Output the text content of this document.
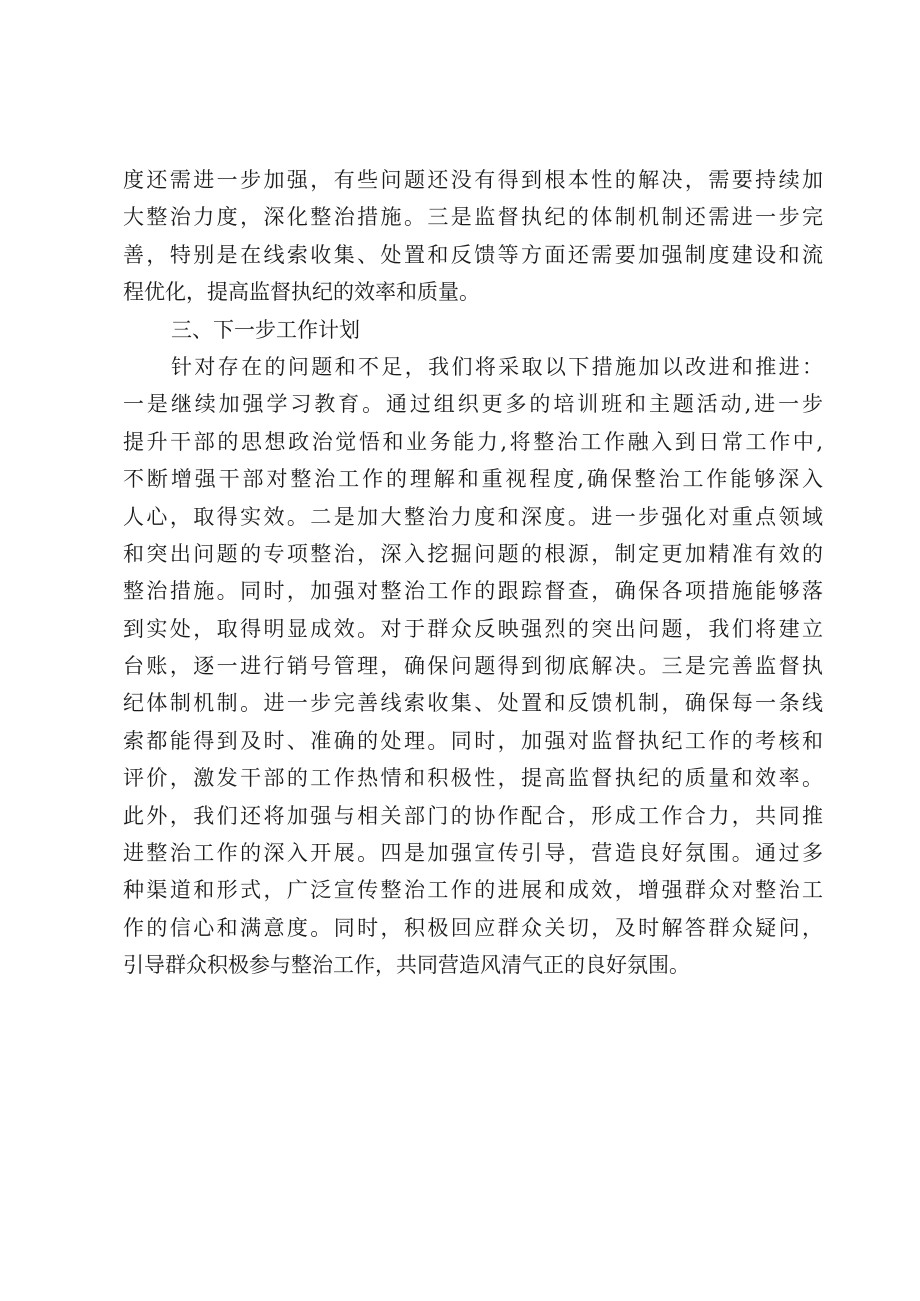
度还需进一步加强，有些问题还没有得到根本性的解决，需要持续加
大整治力度，深化整治措施。三是监督执纪的体制机制还需进一步完
善，特别是在线索收集、处置和反馈等方面还需要加强制度建设和流
程优化，提高监督执纪的效率和质量。
三、下一步工作计划
针对存在的问题和不足，我们将采取以下措施加以改进和推进：
一是继续加强学习教育。通过组织更多的培训班和主题活动,进一步
提升干部的思想政治觉悟和业务能力,将整治工作融入到日常工作中,
不断增强干部对整治工作的理解和重视程度,确保整治工作能够深入
人心，取得实效。二是加大整治力度和深度。进一步强化对重点领域
和突出问题的专项整治，深入挖掘问题的根源，制定更加精准有效的
整治措施。同时，加强对整治工作的跟踪督查，确保各项措施能够落
到实处，取得明显成效。对于群众反映强烈的突出问题，我们将建立
台账，逐一进行销号管理，确保问题得到彻底解决。三是完善监督执
纪体制机制。进一步完善线索收集、处置和反馈机制，确保每一条线
索都能得到及时、准确的处理。同时，加强对监督执纪工作的考核和
评价，激发干部的工作热情和积极性，提高监督执纪的质量和效率。
此外，我们还将加强与相关部门的协作配合，形成工作合力，共同推
进整治工作的深入开展。四是加强宣传引导，营造良好氛围。通过多
种渠道和形式，广泛宣传整治工作的进展和成效，增强群众对整治工
作的信心和满意度。同时，积极回应群众关切，及时解答群众疑问，
引导群众积极参与整治工作，共同营造风清气正的良好氛围。
